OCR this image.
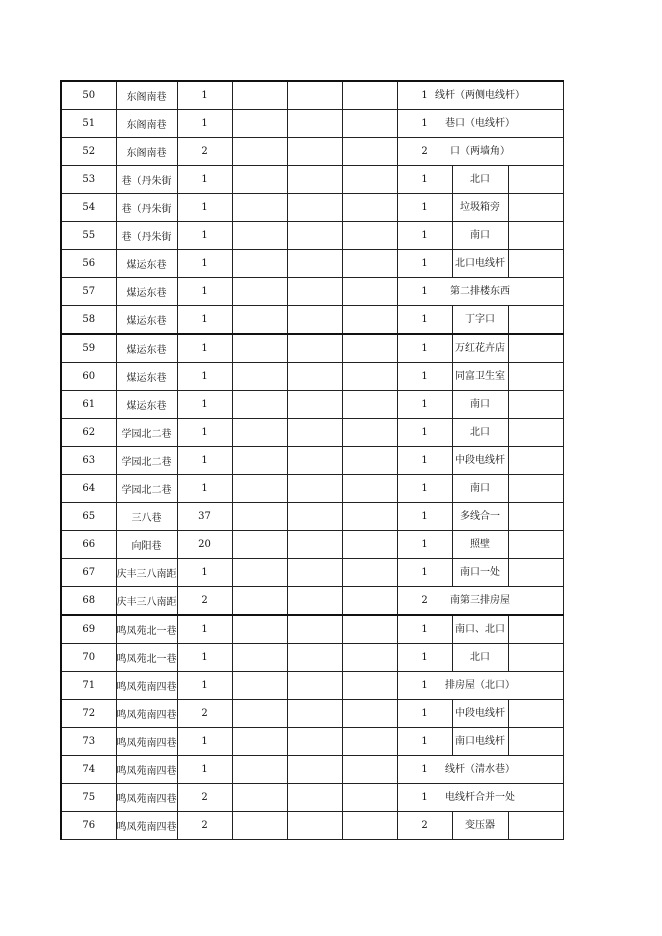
50	东阁南巷	1				1	线杆（两侧电线杆）	

51	东阁南巷	1				1	巷口（电线杆）	

52	东阁南巷	2				2	口（两墙角）	

53	巷（丹朱街	1				1	北口	

54	巷（丹朱街	1				1	垃圾箱旁	

55	巷（丹朱街	1				1	南口	

56	煤运东巷	1				1	北口电线杆	

57	煤运东巷	1				1	第二排楼东西	

58	煤运东巷	1				1	丁字口	

59	煤运东巷	1				1	万红花卉店	

60	煤运东巷	1				1	同富卫生室	

61	煤运东巷	1				1	南口	

62	学园北二巷	1				1	北口	

63	学园北二巷	1				1	中段电线杆	

64	学园北二巷	1				1	南口	

65	三八巷	37				1	多线合一	

66	向阳巷	20				1	照壁	

67	庆丰三八南距	1				1	南口一处	

68	庆丰三八南距	2				2	南第三排房屋	

69	鸣凤苑北一巷	1				1	南口、北口	

70	鸣凤苑北一巷	1				1	北口	

71	鸣凤苑南四巷	1				1	排房屋（北口）	

72	鸣凤苑南四巷	2				1	中段电线杆	

73	鸣凤苑南四巷	1				1	南口电线杆	

74	鸣凤苑南四巷	1				1	线杆（清水巷）	

75	鸣凤苑南四巷	2				1	电线杆合并一处	

76	鸣凤苑南四巷	2				2	变压器	
